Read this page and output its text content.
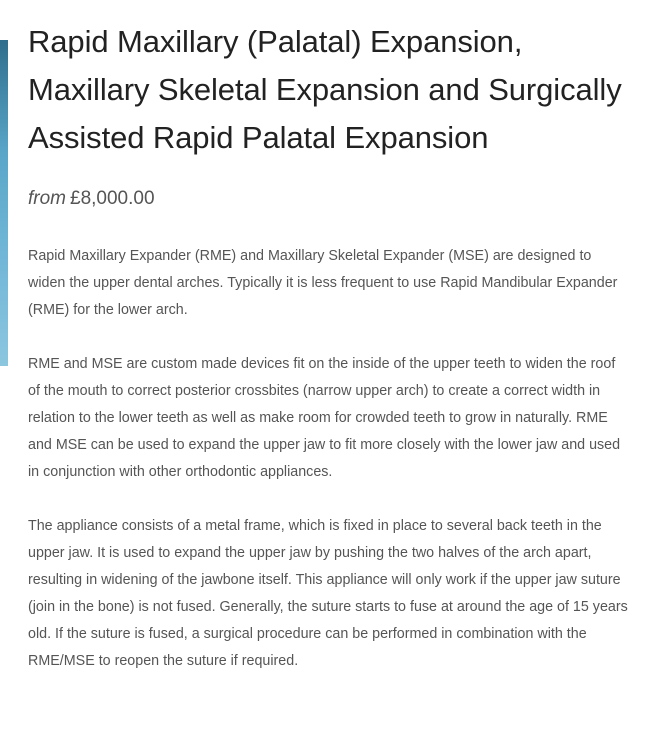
Rapid Maxillary (Palatal) Expansion, Maxillary Skeletal Expansion and Surgically Assisted Rapid Palatal Expansion
from £8,000.00

Rapid Maxillary Expander (RME) and Maxillary Skeletal Expander (MSE) are designed to widen the upper dental arches. Typically it is less frequent to use Rapid Mandibular Expander (RME) for the lower arch.

RME and MSE are custom made devices fit on the inside of the upper teeth to widen the roof of the mouth to correct posterior crossbites (narrow upper arch) to create a correct width in relation to the lower teeth as well as make room for crowded teeth to grow in naturally. RME and MSE can be used to expand the upper jaw to fit more closely with the lower jaw and used in conjunction with other orthodontic appliances.

The appliance consists of a metal frame, which is fixed in place to several back teeth in the upper jaw. It is used to expand the upper jaw by pushing the two halves of the arch apart, resulting in widening of the jawbone itself. This appliance will only work if the upper jaw suture (join in the bone) is not fused. Generally, the suture starts to fuse at around the age of 15 years old. If the suture is fused, a surgical procedure can be performed in combination with the RME/MSE to reopen the suture if required.
